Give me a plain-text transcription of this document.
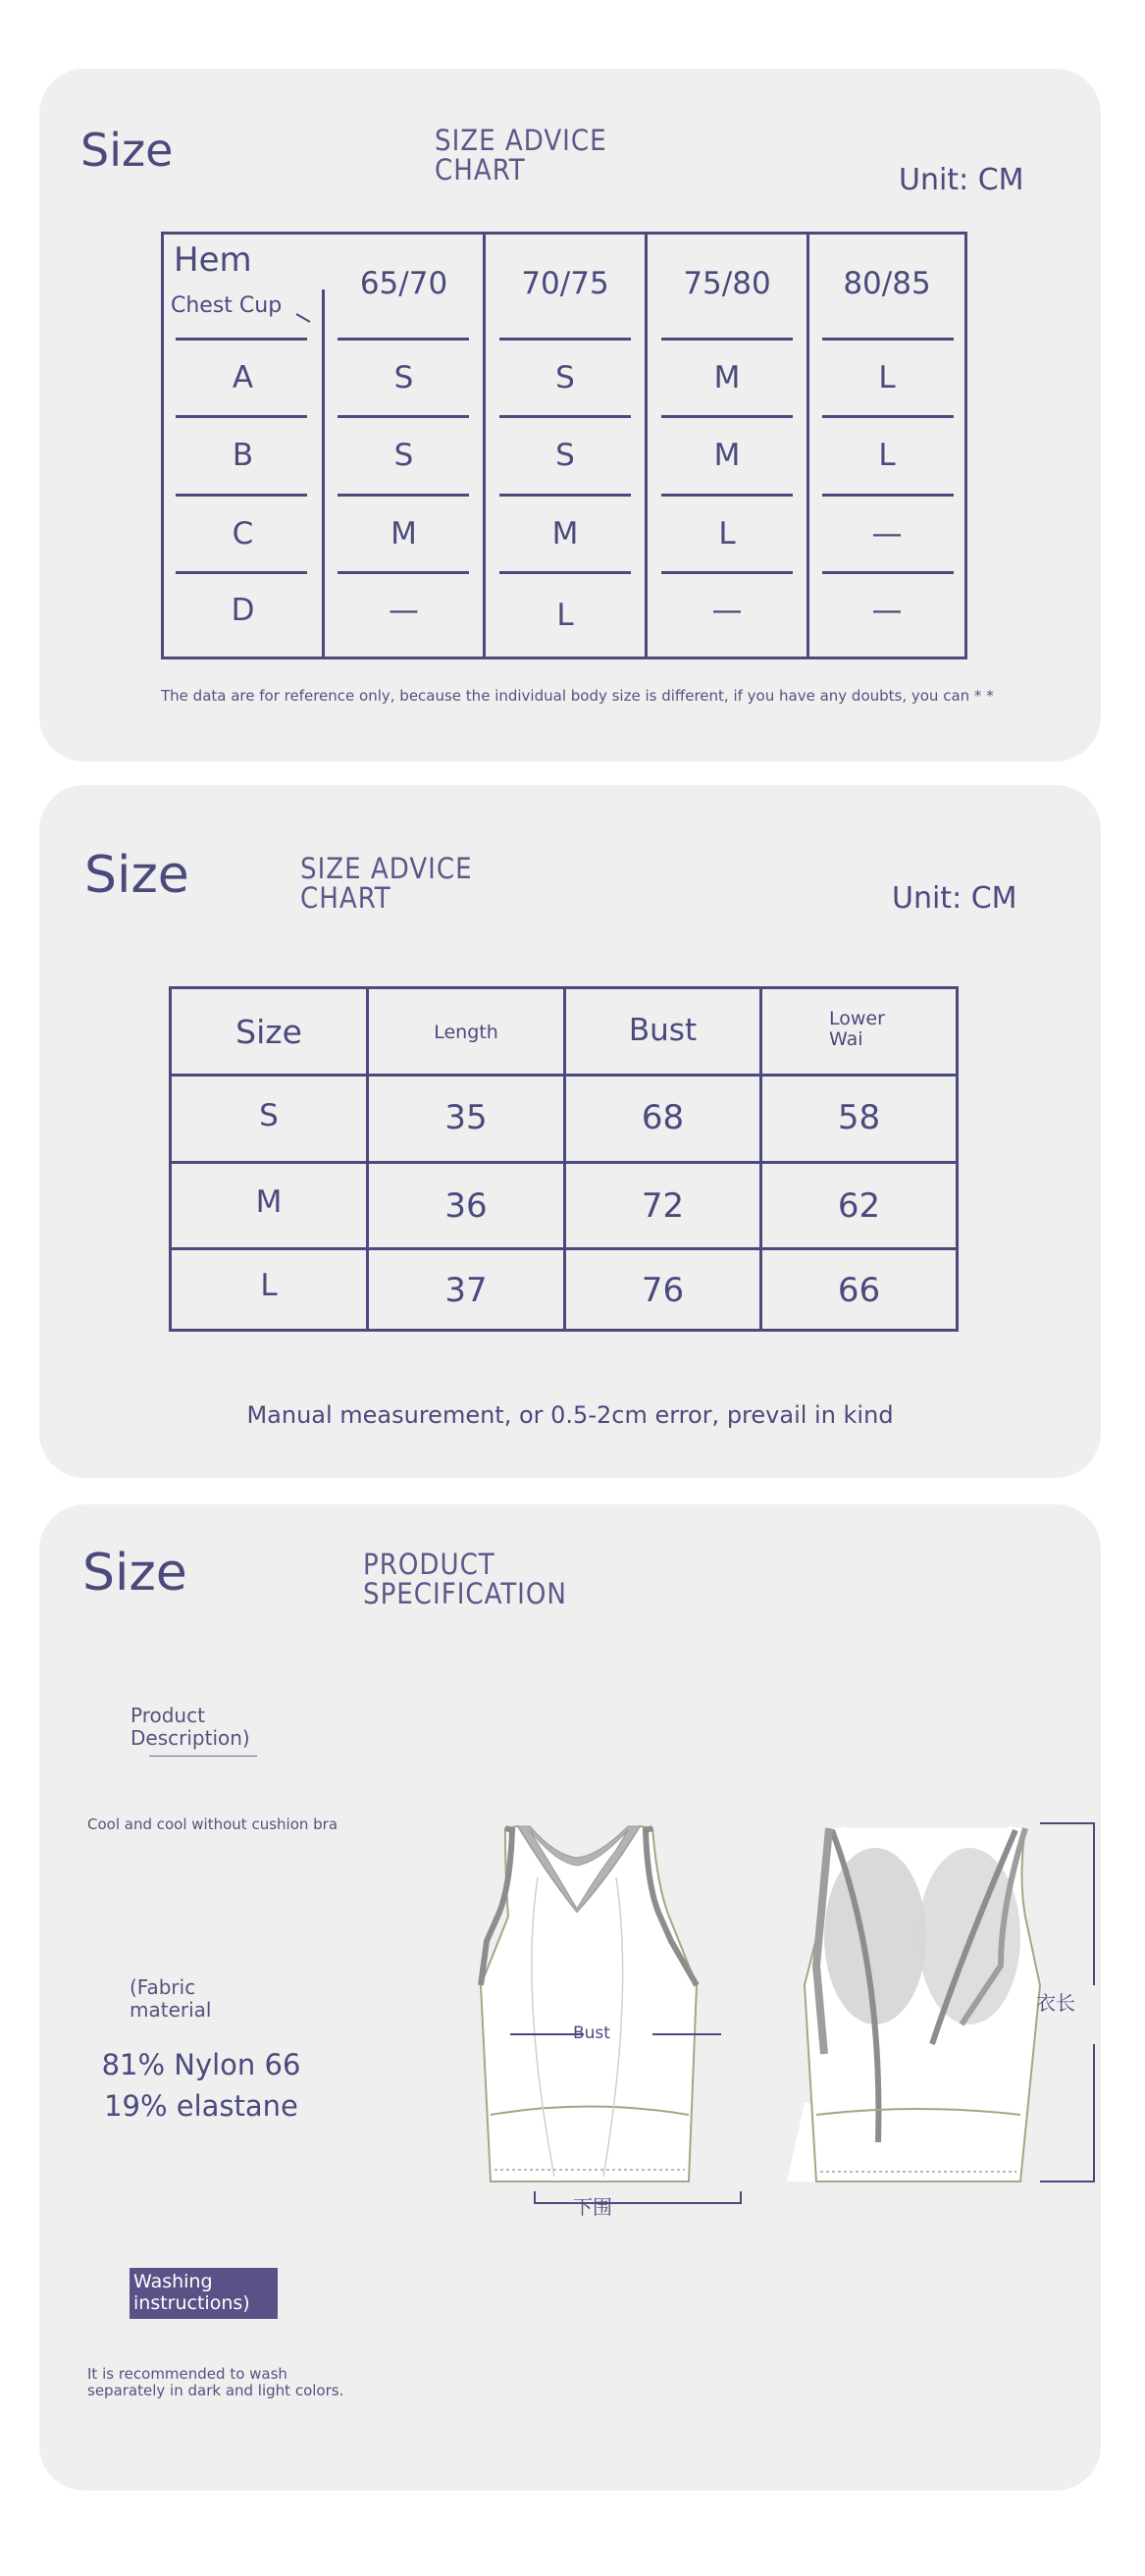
Size	SIZE ADVICE
CHART	Unit: CM
Hem
Chest Cup
65/70	70/75	75/80	80/85
A	S	S	M	L
B	S	S	M	L
C	M	M	L	—
D	—	L	—	—
The data are for reference only, because the individual body size is different, if you have any doubts, you can * *
Size	SIZE ADVICE
CHART	Unit: CM
Size	Length	Bust	Lower
Wai
S	35	68	58
M	36	72	62
L	37	76	66
Manual measurement, or 0.5-2cm error, prevail in kind
Size	PRODUCT
SPECIFICATION
Product
Description)
Cool and cool without cushion bra
(Fabric
material
81% Nylon 66
19% elastane
Washing
instructions)
It is recommended to wash
separately in dark and light colors.
Bust
下围
衣长
